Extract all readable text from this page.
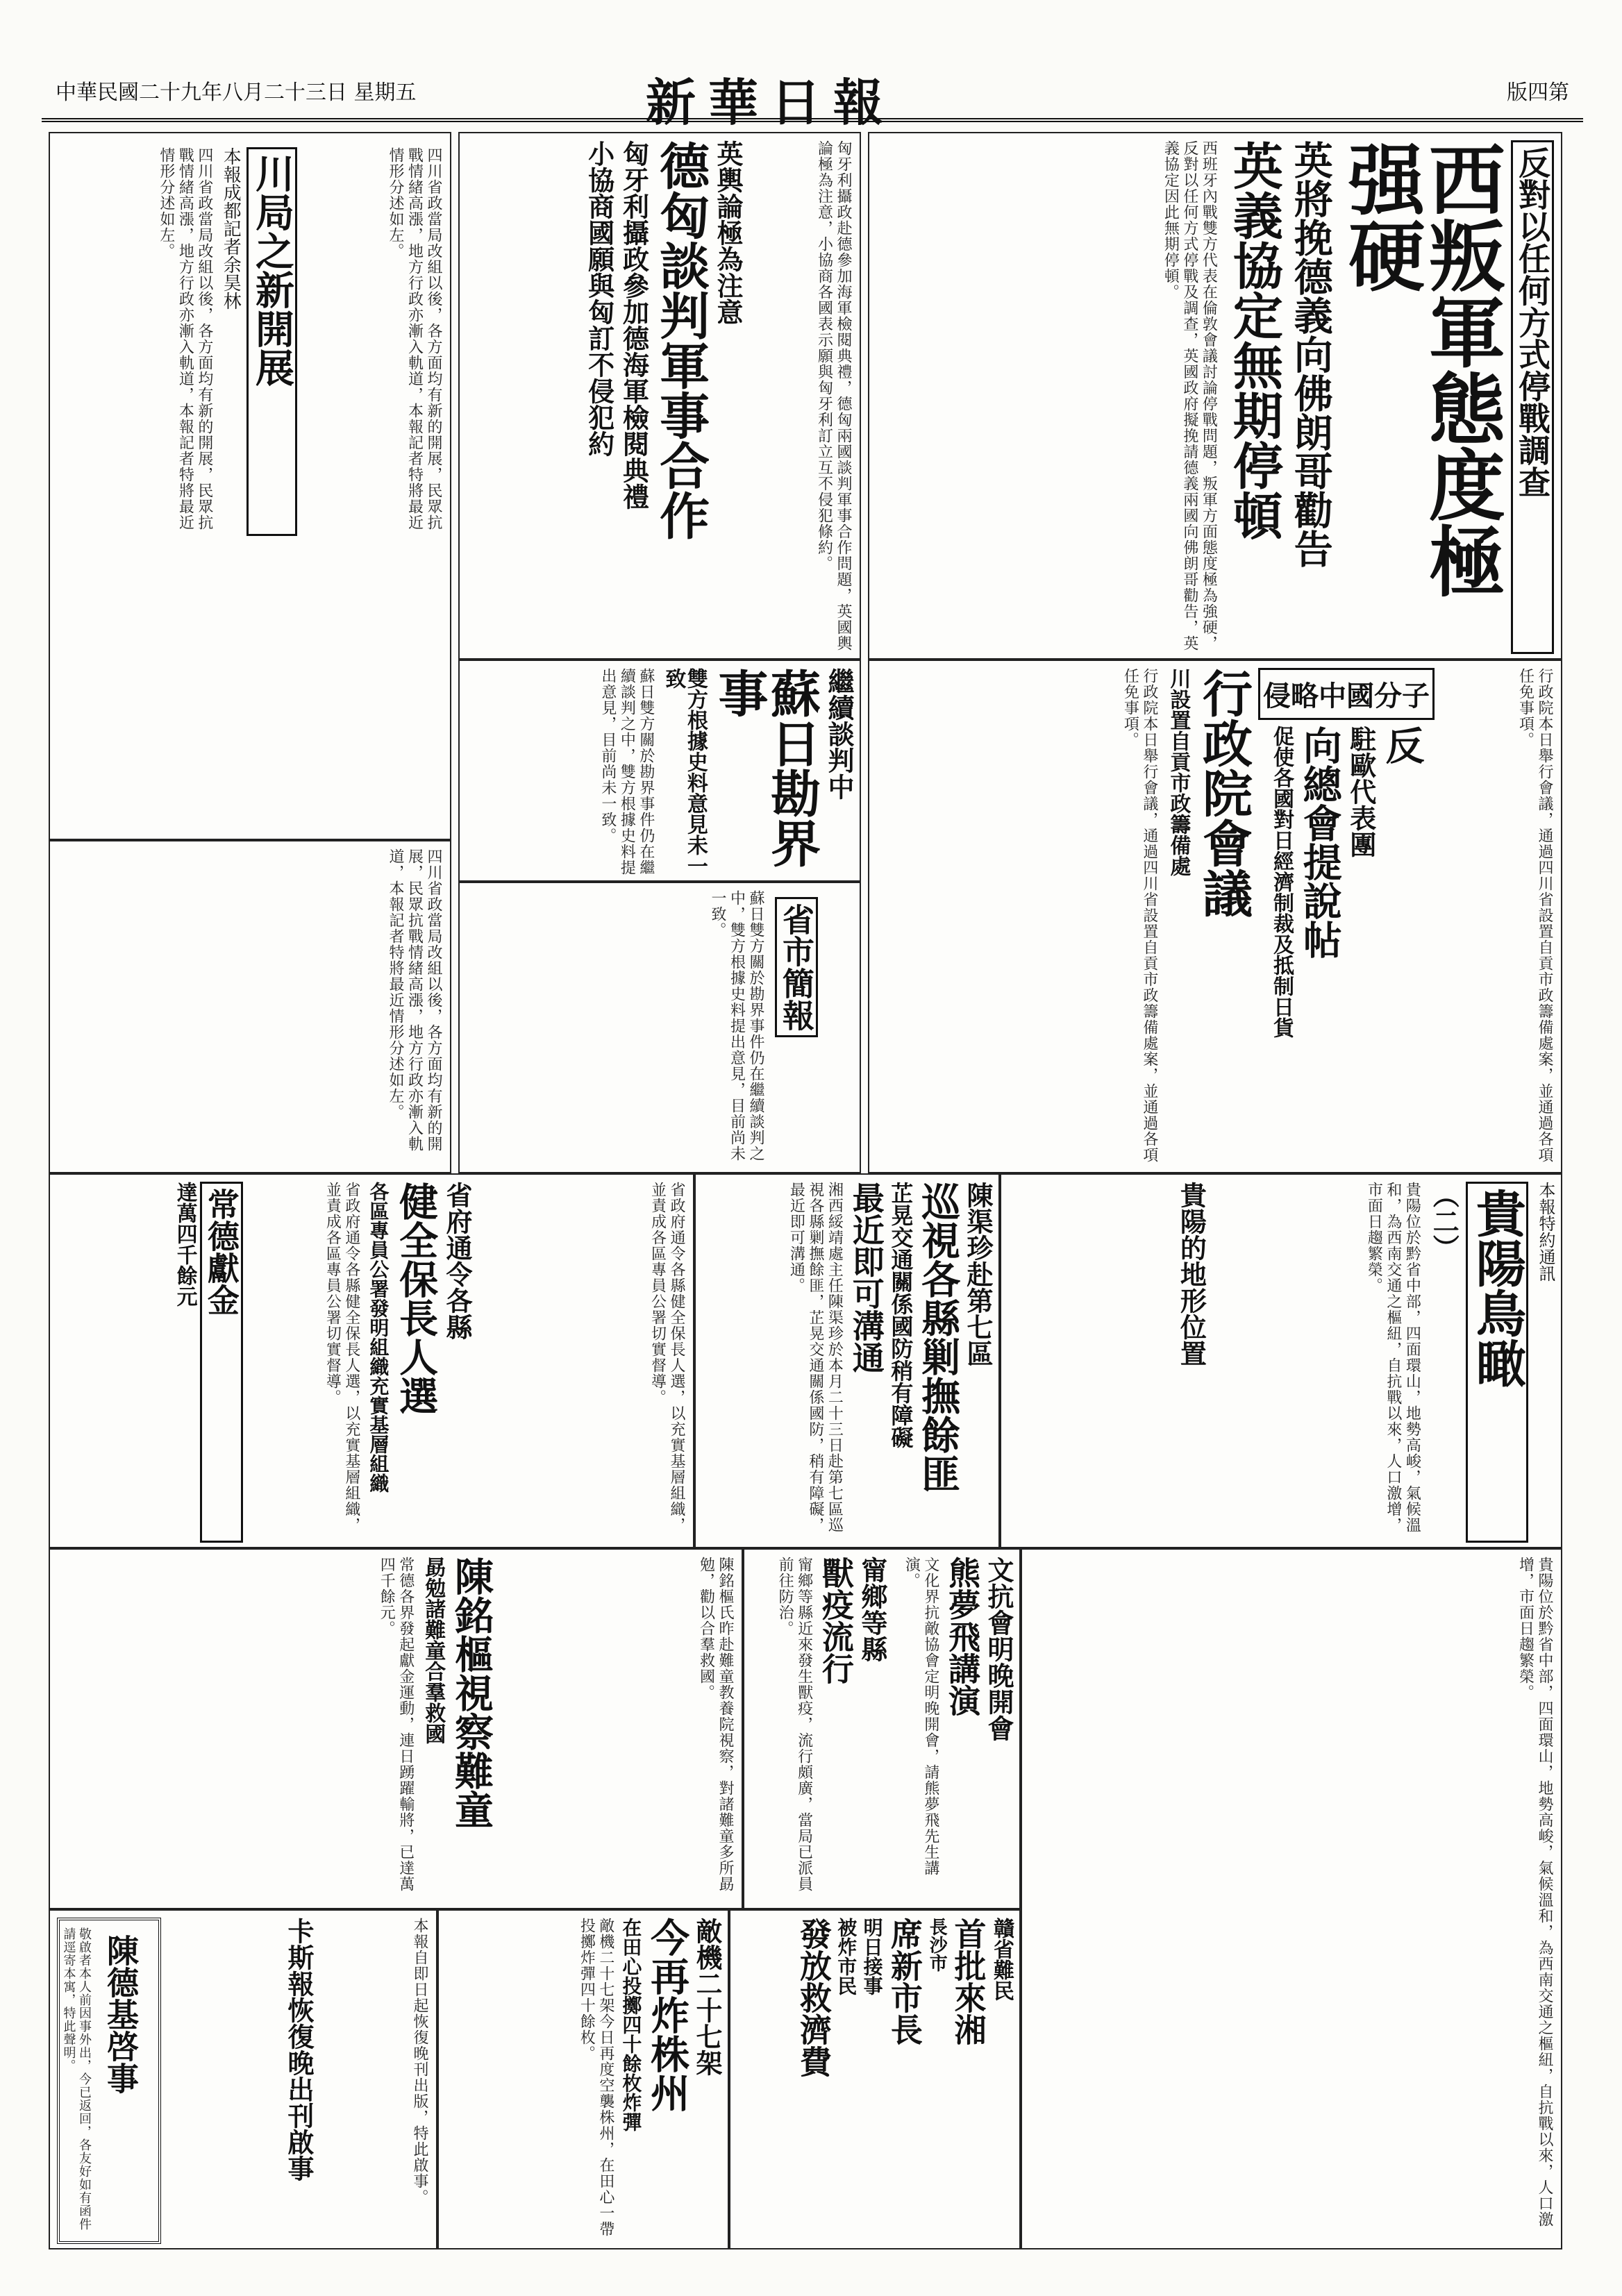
中華民國二十九年八月二十三日 星期五	新華日報	版四第
反對以任何方式停戰調查
西叛軍態度極强硬
英將挽德義向佛朗哥勸告
英義協定無期停頓
西班牙內戰雙方代表在倫敦會議討論停戰問題，叛軍方面態度極為強硬，反對以任何方式停戰及調查，英國政府擬挽請德義兩國向佛朗哥勸告，英義協定因此無期停頓。
匈牙利攝政赴德參加海軍檢閱典禮，德匈兩國談判軍事合作問題，英國輿論極為注意，小協商各國表示願與匈牙利訂立互不侵犯條約。
英輿論極為注意
德匈談判軍事合作
匈牙利攝政參加德海軍檢閱典禮
小協商國願與匈訂不侵犯約
四川省政當局改組以後，各方面均有新的開展，民眾抗戰情緒高漲，地方行政亦漸入軌道，本報記者特將最近情形分述如左。
川局之新開展
本報成都記者余昊林
四川省政當局改組以後，各方面均有新的開展，民眾抗戰情緒高漲，地方行政亦漸入軌道，本報記者特將最近情形分述如左。
繼續談判中
蘇日勘界事
雙方根據史料意見未一致
蘇日雙方關於勘界事件仍在繼續談判之中，雙方根據史料提出意見，目前尚未一致。	行政院本日舉行會議，通過四川省設置自貢市政籌備處案，並通過各項任免事項。
侵略中國分子
反
駐歐代表團
向總會提說帖
促使各國對日經濟制裁及抵制日貨
行政院會議
川設置自貢市政籌備處
行政院本日舉行會議，通過四川省設置自貢市政籌備處案，並通過各項任免事項。
四川省政當局改組以後，各方面均有新的開展，民眾抗戰情緒高漲，地方行政亦漸入軌道，本報記者特將最近情形分述如左。	省市簡報
蘇日雙方關於勘界事件仍在繼續談判之中，雙方根據史料提出意見，目前尚未一致。
本報特約通訊
貴陽鳥瞰
（二）
貴陽位於黔省中部，四面環山，地勢高峻，氣候溫和，為西南交通之樞紐，自抗戰以來，人口激增，市面日趨繁榮。
貴陽的地形位置
陳渠珍赴第七區
巡視各縣剿撫餘匪
芷晃交通關係國防稍有障礙
最近即可溝通
湘西綏靖處主任陳渠珍於本月二十三日赴第七區巡視各縣剿撫餘匪，芷晃交通關係國防，稍有障礙，最近即可溝通。
省政府通令各縣健全保長人選，以充實基層組織，並責成各區專員公署切實督導。
省府通令各縣
健全保長人選
各區專員公署發明組織充實基層組織
省政府通令各縣健全保長人選，以充實基層組織，並責成各區專員公署切實督導。
常德獻金
達萬四千餘元
陳銘樞氏昨赴難童教養院視察，對諸難童多所勗勉，勸以合羣救國。
陳銘樞視察難童
勗勉諸難童合羣救國
常德各界發起獻金運動，連日踴躍輸將，已達萬四千餘元。	文抗會明晚開會
熊夢飛講演
文化界抗敵協會定明晚開會，請熊夢飛先生講演。
甯鄉等縣
獸疫流行
甯鄉等縣近來發生獸疫，流行頗廣，當局已派員前往防治。	貴陽位於黔省中部，四面環山，地勢高峻，氣候溫和，為西南交通之樞紐，自抗戰以來，人口激增，市面日趨繁榮。
陳德基啓事
敬啟者本人前因事外出，今已返回，各友好如有函件請逕寄本寓，特此聲明。	本報自即日起恢復晚刊出版，特此啟事。
卡斯報恢復晚出刊啟事	敵機二十七架
今再炸株州
在田心投擲四十餘枚炸彈
敵機二十七架今日再度空襲株州，在田心一帶投擲炸彈四十餘枚。	贛省難民
首批來湘
長沙市
席新市長
明日接事
被炸市民
發放救濟費
